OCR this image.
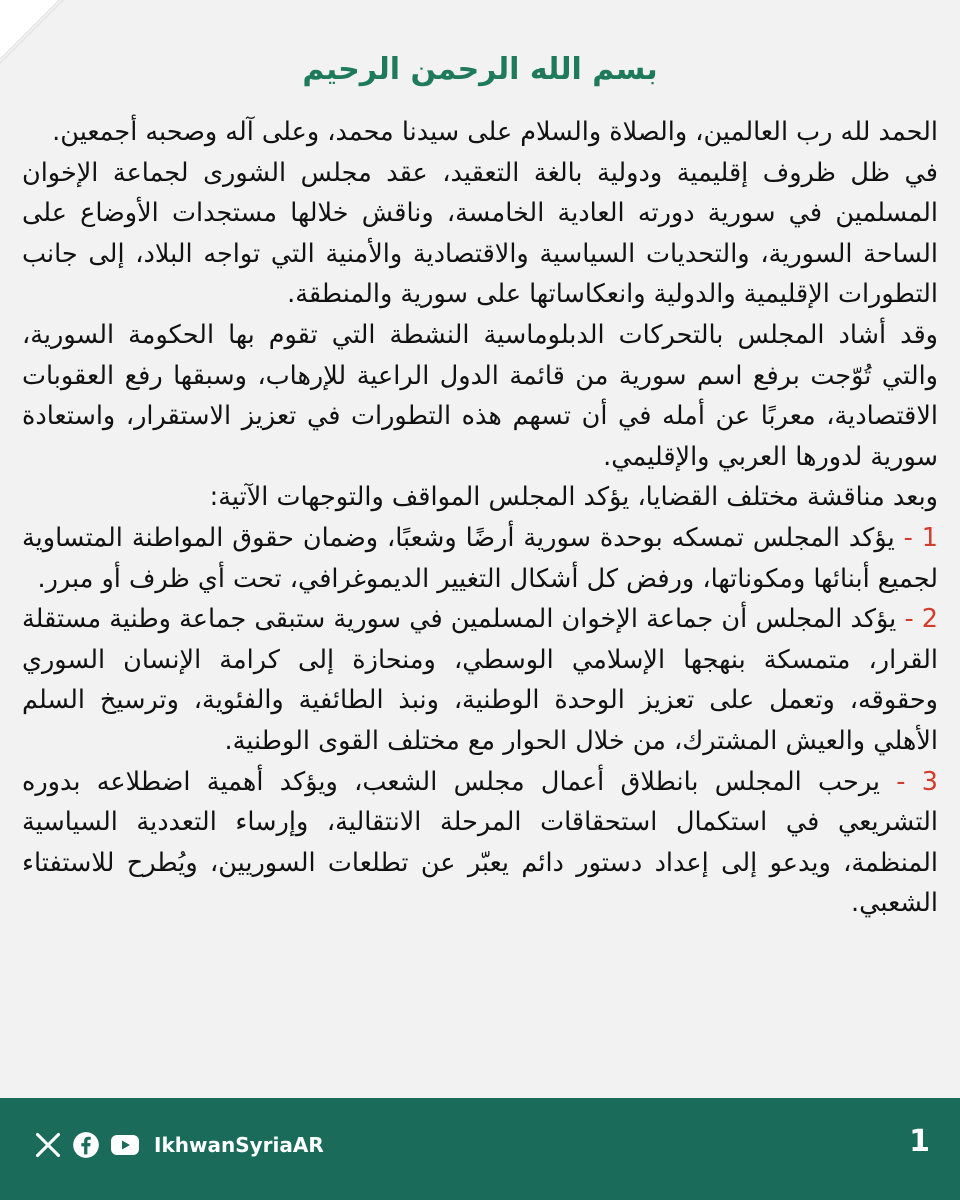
بسم الله الرحمن الرحيم

الحمد لله رب العالمين، والصلاة والسلام على سيدنا محمد، وعلى آله وصحبه أجمعين.

في ظل ظروف إقليمية ودولية بالغة التعقيد، عقد مجلس الشورى لجماعة الإخوان المسلمين في سورية دورته العادية الخامسة، وناقش خلالها مستجدات الأوضاع على الساحة السورية، والتحديات السياسية والاقتصادية والأمنية التي تواجه البلاد، إلى جانب التطورات الإقليمية والدولية وانعكاساتها على سورية والمنطقة.

وقد أشاد المجلس بالتحركات الدبلوماسية النشطة التي تقوم بها الحكومة السورية، والتي تُوّجت برفع اسم سورية من قائمة الدول الراعية للإرهاب، وسبقها رفع العقوبات الاقتصادية، معربًا عن أمله في أن تسهم هذه التطورات في تعزيز الاستقرار، واستعادة سورية لدورها العربي والإقليمي.

وبعد مناقشة مختلف القضايا، يؤكد المجلس المواقف والتوجهات الآتية:

1 - يؤكد المجلس تمسكه بوحدة سورية أرضًا وشعبًا، وضمان حقوق المواطنة المتساوية لجميع أبنائها ومكوناتها، ورفض كل أشكال التغيير الديموغرافي، تحت أي ظرف أو مبرر.

2 - يؤكد المجلس أن جماعة الإخوان المسلمين في سورية ستبقى جماعة وطنية مستقلة القرار، متمسكة بنهجها الإسلامي الوسطي، ومنحازة إلى كرامة الإنسان السوري وحقوقه، وتعمل على تعزيز الوحدة الوطنية، ونبذ الطائفية والفئوية، وترسيخ السلم الأهلي والعيش المشترك، من خلال الحوار مع مختلف القوى الوطنية.

3 - يرحب المجلس بانطلاق أعمال مجلس الشعب، ويؤكد أهمية اضطلاعه بدوره التشريعي في استكمال استحقاقات المرحلة الانتقالية، وإرساء التعددية السياسية المنظمة، ويدعو إلى إعداد دستور دائم يعبّر عن تطلعات السوريين، ويُطرح للاستفتاء الشعبي.

IkhwanSyriaAR	1
